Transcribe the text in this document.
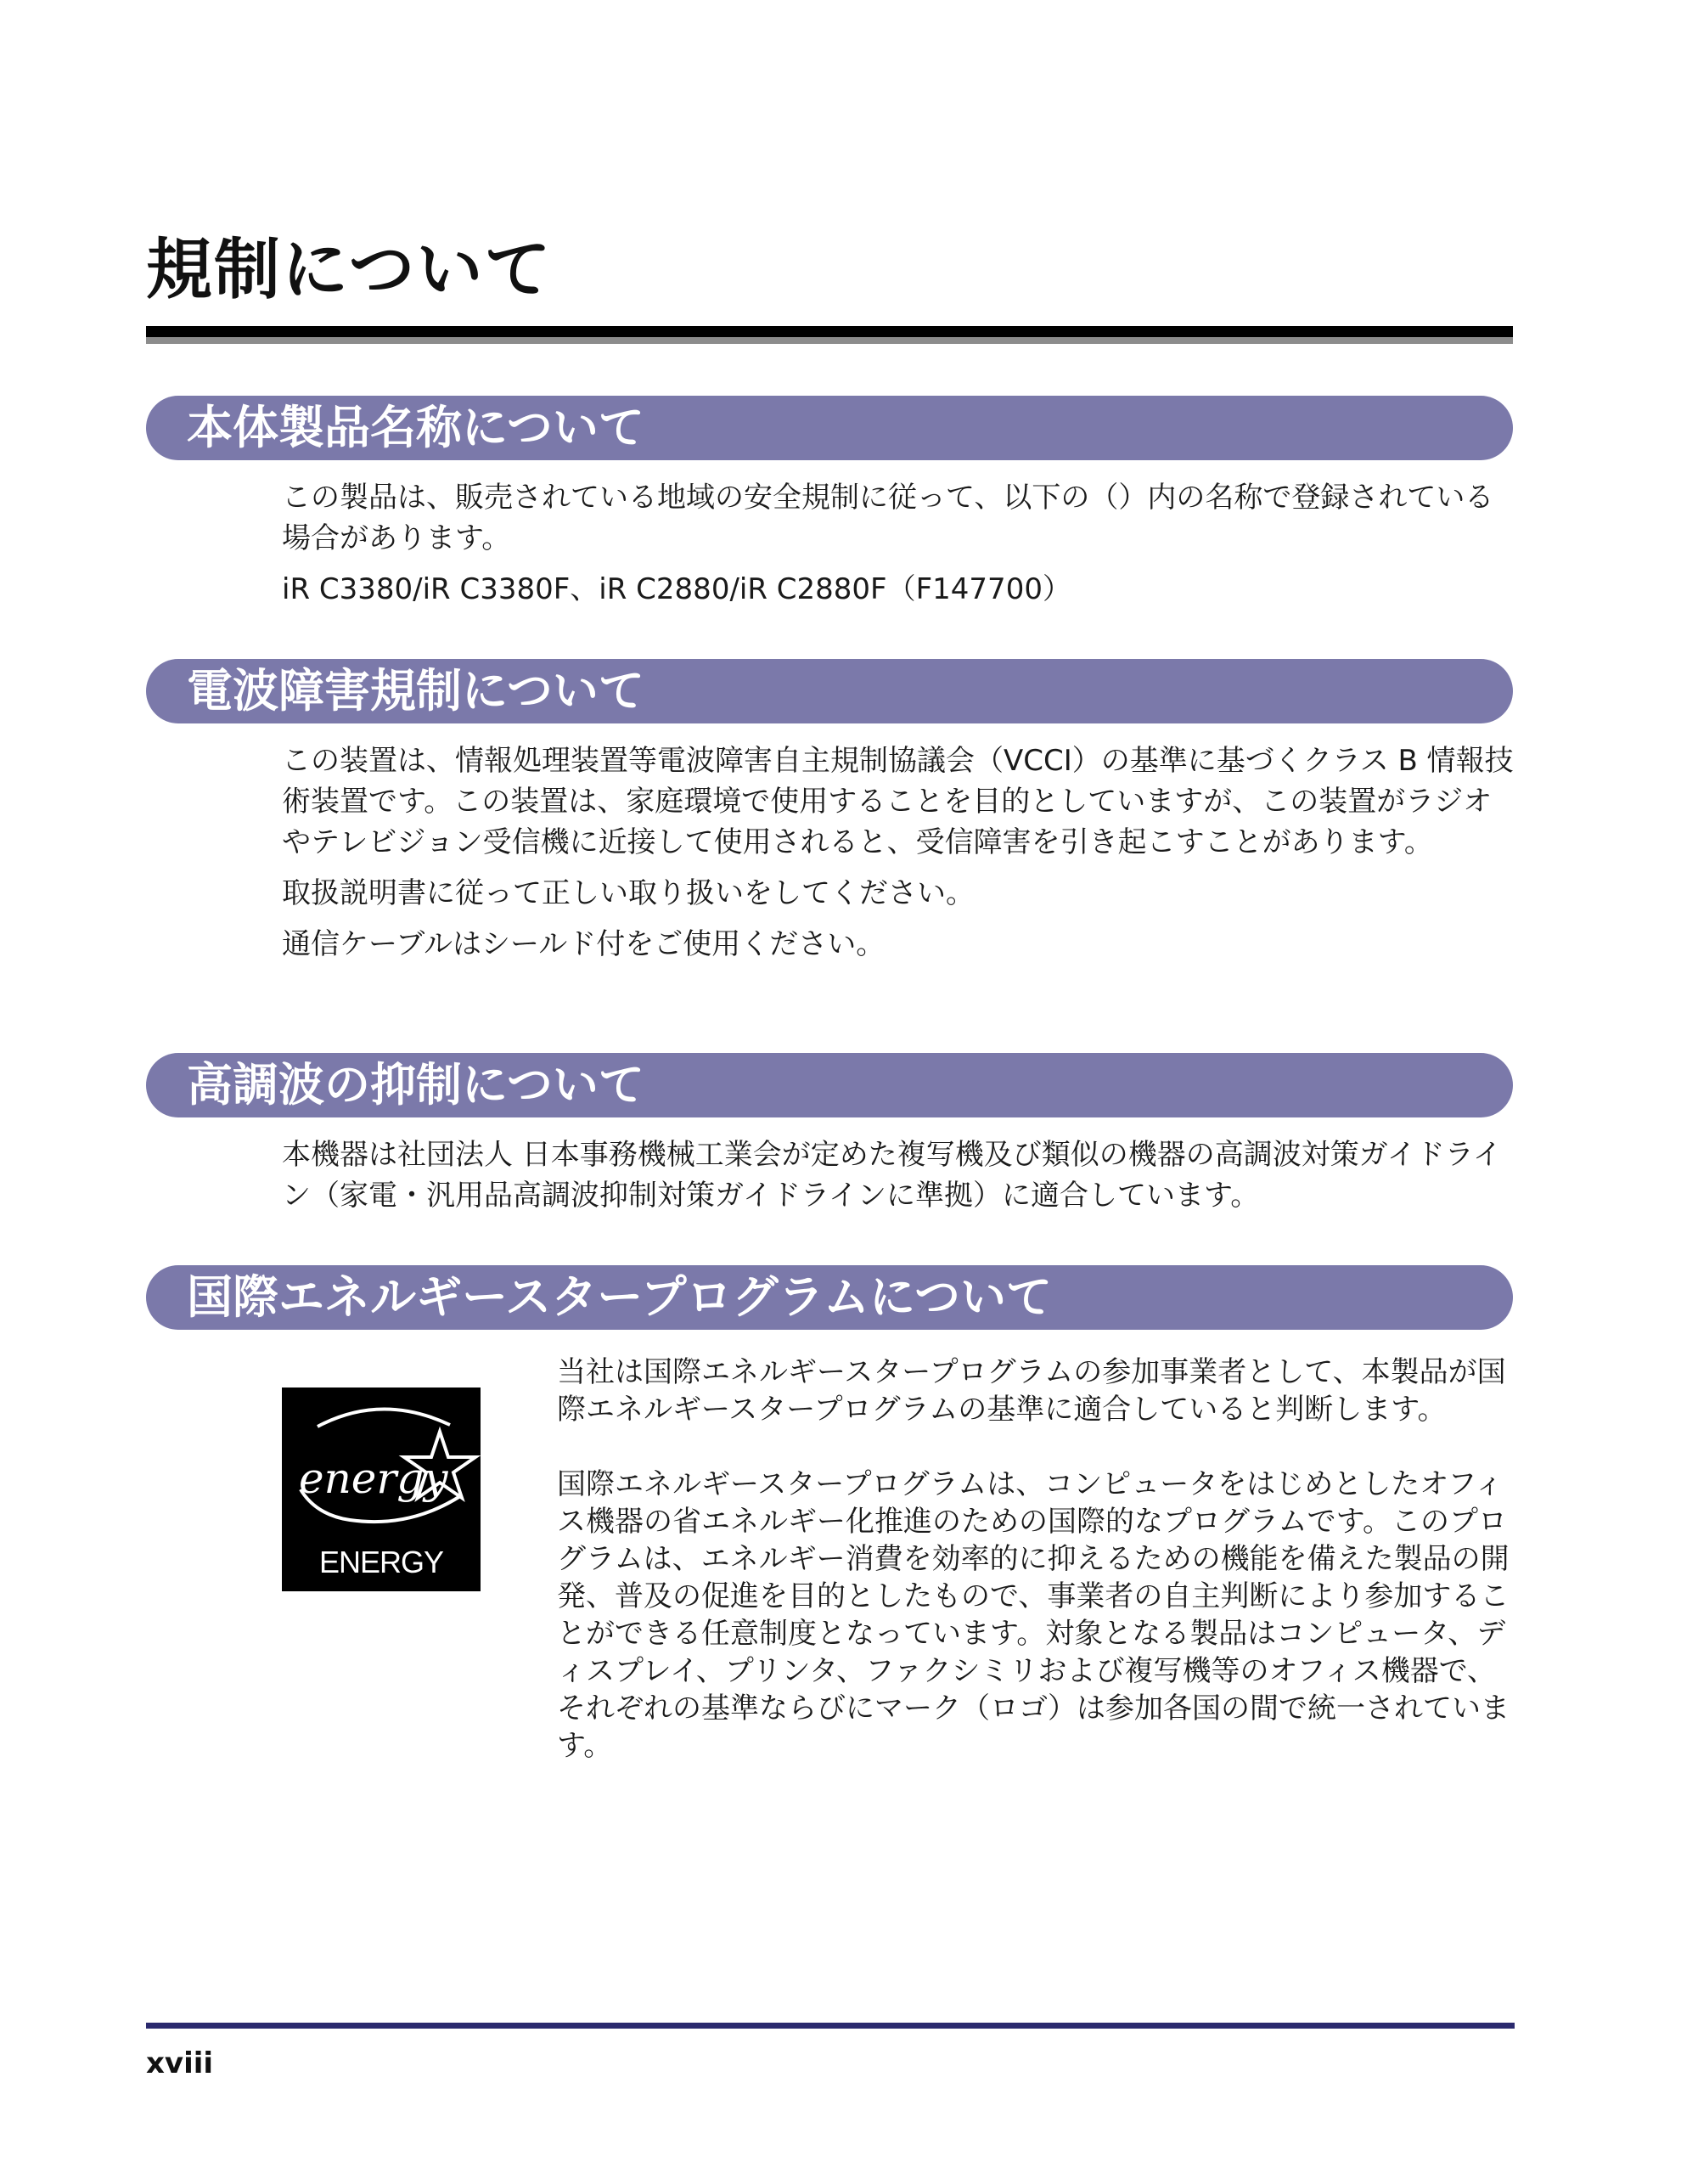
規制について
本体製品名称について

この製品は、販売されている地域の安全規制に従って、以下の（）内の名称で登録されている場合があります。

iR C3380/iR C3380F、iR C2880/iR C2880F（F147700）

電波障害規制について

この装置は、情報処理装置等電波障害自主規制協議会（VCCI）の基準に基づくクラス B 情報技術装置です。この装置は、家庭環境で使用することを目的としていますが、この装置がラジオやテレビジョン受信機に近接して使用されると、受信障害を引き起こすことがあります。

取扱説明書に従って正しい取り扱いをしてください。

通信ケーブルはシールド付をご使用ください。

高調波の抑制について

本機器は社団法人 日本事務機械工業会が定めた複写機及び類似の機器の高調波対策ガイドライン（家電・汎用品高調波抑制対策ガイドラインに準拠）に適合しています。

国際エネルギースタープログラムについて
energy
ENERGY STAR

当社は国際エネルギースタープログラムの参加事業者として、本製品が国際エネルギースタープログラムの基準に適合していると判断します。

国際エネルギースタープログラムは、コンピュータをはじめとしたオフィス機器の省エネルギー化推進のための国際的なプログラムです。このプログラムは、エネルギー消費を効率的に抑えるための機能を備えた製品の開発、普及の促進を目的としたもので、事業者の自主判断により参加することができる任意制度となっています。対象となる製品はコンピュータ、ディスプレイ、プリンタ、ファクシミリおよび複写機等のオフィス機器で、それぞれの基準ならびにマーク（ロゴ）は参加各国の間で統一されています。

xviii
